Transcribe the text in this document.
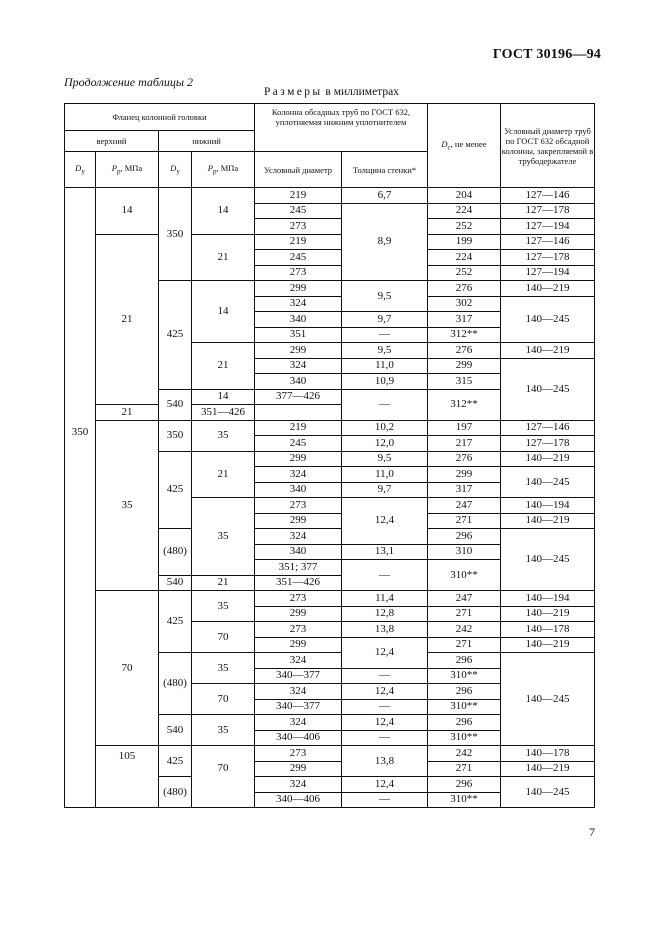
ГОСТ 30196—94
Продолжение таблицы 2
Размеры в миллиметрах
Фланец колонной головки				Колонна обсадных труб по ГОСТ 632, уплотняемая нижним уплотнителем		$D_c$, не менее	Условный диаметр труб по ГОСТ 632 обсадной колонны, закрепляемой в трубодержателе
верхний		нижний					
$D_у$	$P_р$, МПа	$D_у$	$P_р$, МПа	Условный диаметр	Толщина стенки*		
350	14	350	14	219	6,7	204	127—146
				245	8,9	224	127—178
				273		252	127—194
	21		21	219		199	127—146
				245		224	127—178
				273		252	127—194
		425	14	299	9,5	276	140—219
				324		302	140—245
				340	9,7	317	
				351	—	312**	
			21	299	9,5	276	140—219
				324	11,0	299	140—245
				340	10,9	315	
		540	14	377—426	—	312**	
	21		351—426				
	35	350	35	219	10,2	197	127—146
				245	12,0	217	127—178
		425	21	299	9,5	276	140—219
				324	11,0	299	140—245
				340	9,7	317	
			35	273	12,4	247	140—194
				299		271	140—219
		(480)		324		296	140—245
				340	13,1	310	
				351; 377	—	310**	
		540	21	351—426			
	70	425	35	273	11,4	247	140—194
				299	12,8	271	140—219
			70	273	13,8	242	140—178
				299	12,4	271	140—219
		(480)	35	324		296	140—245
				340—377	—	310**	
			70	324	12,4	296	
				340—377	—	310**	
		540	35	324	12,4	296	
				340—406	—	310**	
	105	425	70	273	13,8	242	140—178
				299		271	140—219
		(480)		324	12,4	296	140—245
				340—406	—	310**	
7
